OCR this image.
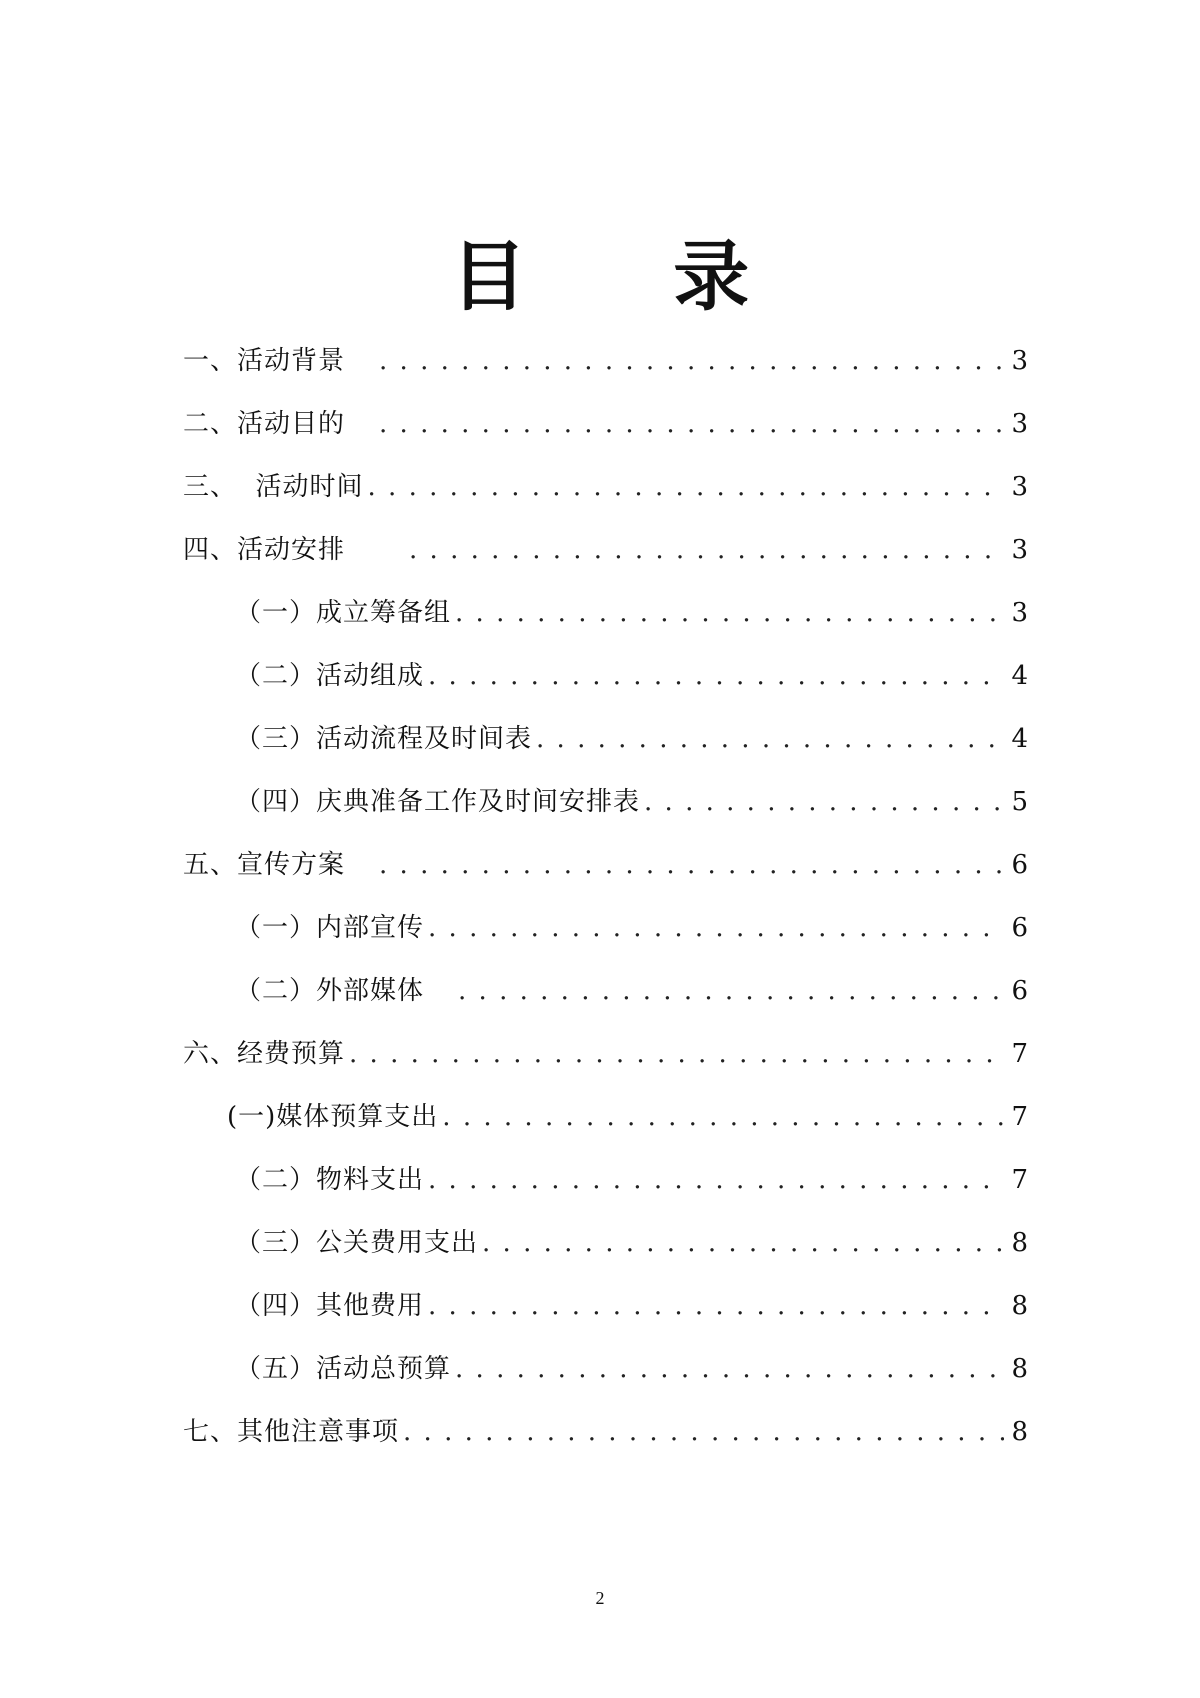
目 录
一、活动背景 . . .	3
二、活动目的 . . .	3
三、  活动时间 . . .	3
四、活动安排 . . .	3
（一）成立筹备组 . . .	3
（二）活动组成 . . .	4
（三）活动流程及时间表 . . .	4
（四）庆典准备工作及时间安排表 . . .	5
五、宣传方案 . . .	6
（一）内部宣传 . . .	6
（二）外部媒体 . . .	6
六、经费预算 . . .	7
(一)媒体预算支出 . . .	7
（二）物料支出 . . .	7
（三）公关费用支出 . . .	8
（四）其他费用 . . .	8
（五）活动总预算 . . .	8
七、其他注意事项 . . .	8
2
